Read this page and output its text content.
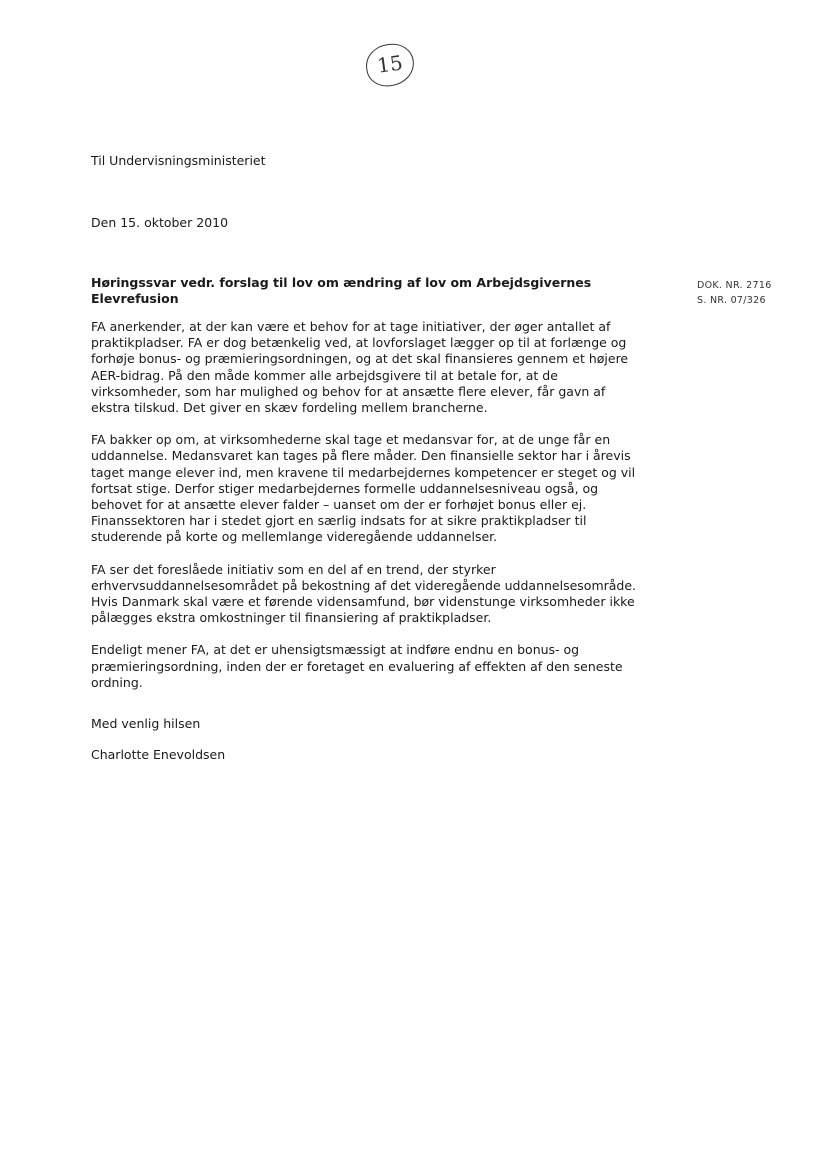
15
Til Undervisningsministeriet
Den 15. oktober 2010
Høringssvar vedr. forslag til lov om ændring af lov om Arbejdsgivernes Elevrefusion
DOK. NR. 2716
S. NR. 07/326

FA anerkender, at der kan være et behov for at tage initiativer, der øger antallet af praktikpladser. FA er dog betænkelig ved, at lovforslaget lægger op til at forlænge og forhøje bonus- og præmieringsordningen, og at det skal finansieres gennem et højere AER-bidrag. På den måde kommer alle arbejdsgivere til at betale for, at de virksomheder, som har mulighed og behov for at ansætte flere elever, får gavn af ekstra tilskud. Det giver en skæv fordeling mellem brancherne.

FA bakker op om, at virksomhederne skal tage et medansvar for, at de unge får en uddannelse. Medansvaret kan tages på flere måder. Den finansielle sektor har i årevis taget mange elever ind, men kravene til medarbejdernes kompetencer er steget og vil fortsat stige. Derfor stiger medarbejdernes formelle uddannelsesniveau også, og behovet for at ansætte elever falder – uanset om der er forhøjet bonus eller ej. Finanssektoren har i stedet gjort en særlig indsats for at sikre praktikpladser til studerende på korte og mellemlange videregående uddannelser.

FA ser det foreslåede initiativ som en del af en trend, der styrker erhvervsuddannelsesområdet på bekostning af det videregående uddannelsesområde. Hvis Danmark skal være et førende vidensamfund, bør videnstunge virksomheder ikke pålægges ekstra omkostninger til finansiering af praktikpladser.

Endeligt mener FA, at det er uhensigtsmæssigt at indføre endnu en bonus- og præmieringsordning, inden der er foretaget en evaluering af effekten af den seneste ordning.

Med venlig hilsen
Charlotte Enevoldsen
